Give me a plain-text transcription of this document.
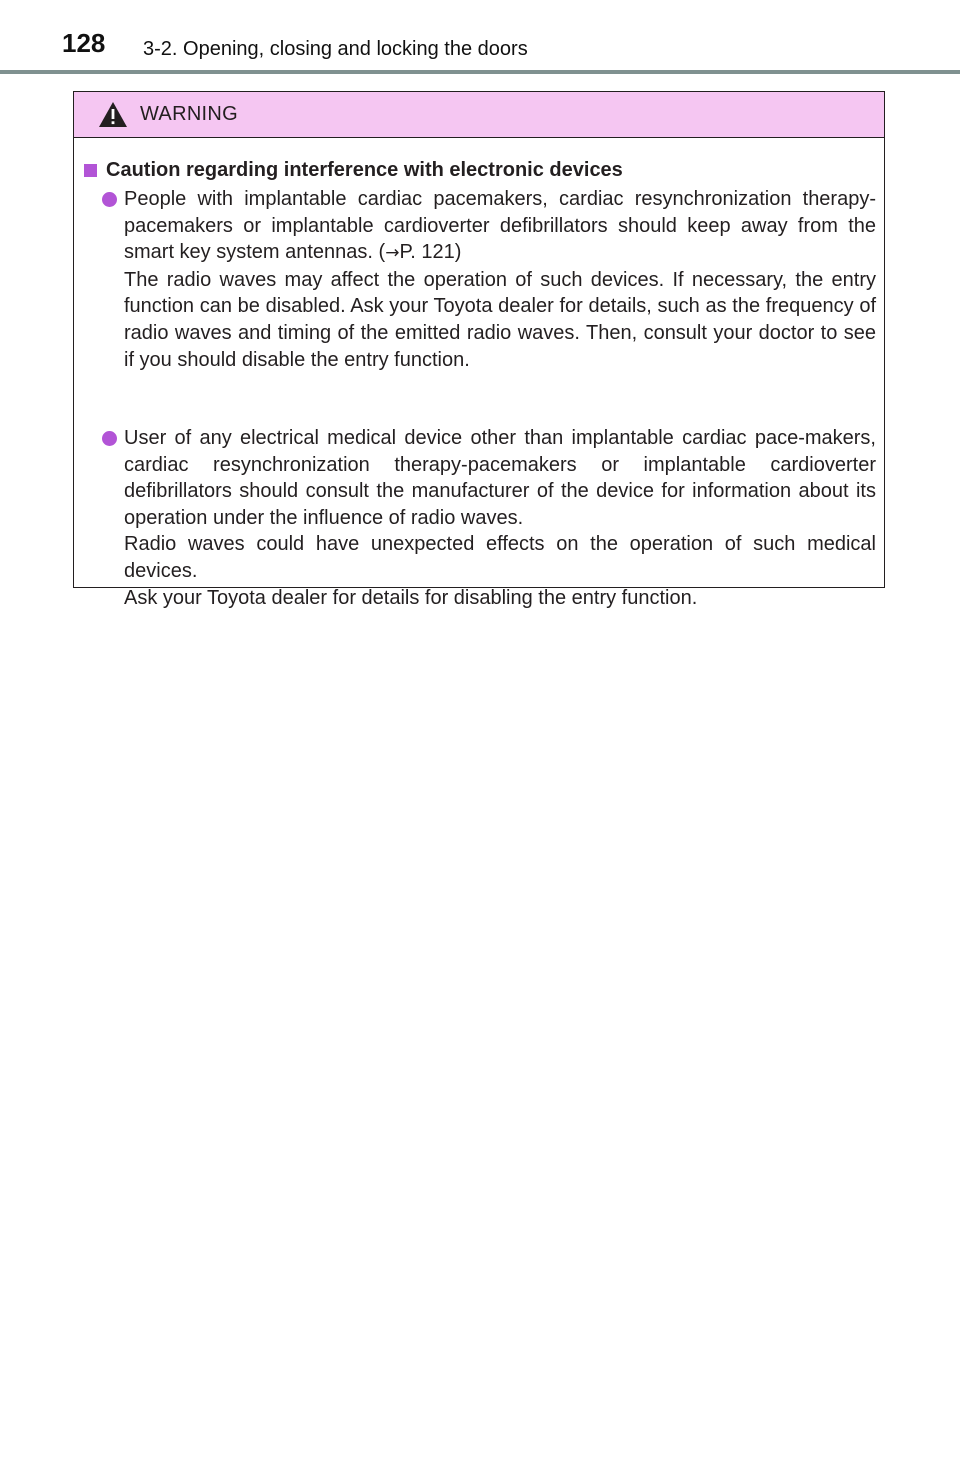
128 3-2. Opening, closing and locking the doors
WARNING
Caution regarding interference with electronic devices
People with implantable cardiac pacemakers, cardiac resynchronization therapy-pacemakers or implantable cardioverter defibrillators should keep away from the smart key system antennas. (→P. 121)
The radio waves may affect the operation of such devices. If necessary, the entry function can be disabled. Ask your Toyota dealer for details, such as the frequency of radio waves and timing of the emitted radio waves. Then, consult your doctor to see if you should disable the entry function.
User of any electrical medical device other than implantable cardiac pace-makers, cardiac resynchronization therapy-pacemakers or implantable cardioverter defibrillators should consult the manufacturer of the device for information about its operation under the influence of radio waves.
Radio waves could have unexpected effects on the operation of such medical devices.
Ask your Toyota dealer for details for disabling the entry function.
